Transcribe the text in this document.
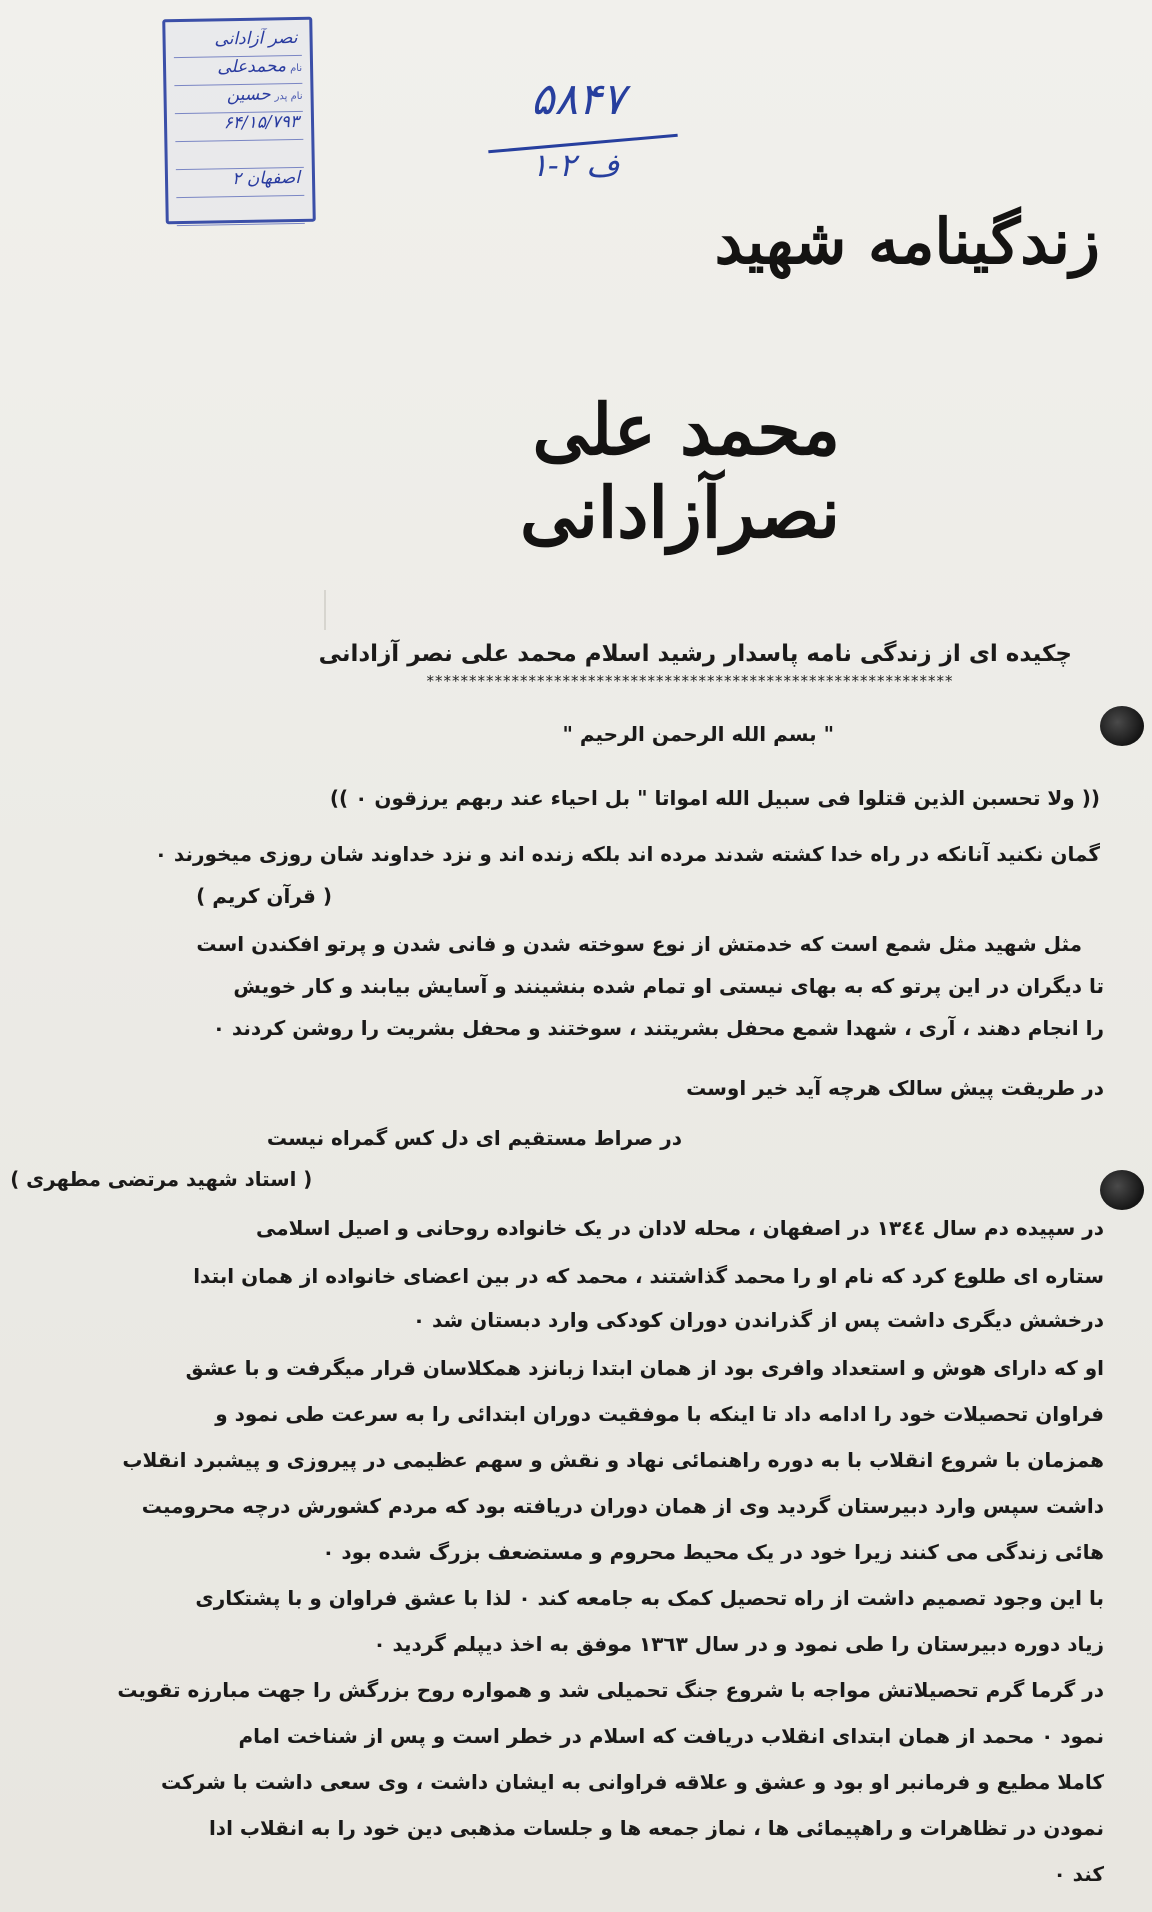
نصر آزادانی
نام
محمدعلی
نام پدر
حسین
۶۴/۱۵/۷۹۳
اصفهان ۲
۵۸۴۷
ف ۲-۱
زندگینامه شهید
محمد علی نصرآزادانی
چکیده ای از زندگی نامه پاسدار رشید اسلام محمد علی نصر آزادانی
**************************************************************
" بسم الله الرحمن الرحیم "
(( ولا تحسبن الذین قتلوا فی سبیل الله امواتا " بل احیاء عند ربهم یرزقون ٠ ))
گمان نکنید آنانکه در راه خدا کشته شدند مرده اند بلکه زنده اند و نزد خداوند شان روزی میخورند ٠
( قرآن کریم )
مثل شهید مثل شمع است که خدمتش از نوع سوخته شدن و فانی شدن و پرتو افکندن است
تا دیگران در این پرتو که به بهای نیستی او تمام شده بنشینند و آسایش بیابند و کار خویش
را انجام دهند ، آری ، شهدا شمع محفل بشریتند ، سوختند و محفل بشریت را روشن کردند ٠
در طریقت پیش سالک هرچه آید خیر اوست
در صراط مستقیم ای دل کس گمراه نیست
( استاد شهید مرتضی مطهری )
در سپیده دم سال ١٣٤٤ در اصفهان ، محله لادان در یک خانواده روحانی و اصیل اسلامی
ستاره ای طلوع کرد که نام او را محمد گذاشتند ، محمد که در بین اعضای خانواده از همان ابتدا
درخشش دیگری داشت پس از گذراندن دوران کودکی وارد دبستان شد ٠
او که دارای هوش و استعداد وافری بود از همان ابتدا زبانزد همکلاسان قرار میگرفت و با عشق
فراوان تحصیلات خود را ادامه داد تا اینکه با موفقیت دوران ابتدائی را به سرعت طی نمود و
همزمان با شروع انقلاب با به دوره راهنمائی نهاد و نقش و سهم عظیمی در پیروزی و پیشبرد انقلاب
داشت سپس وارد دبیرستان گردید وی از همان دوران دریافته بود که مردم کشورش درچه محرومیت
هائی زندگی می کنند زیرا خود در یک محیط محروم و مستضعف بزرگ شده بود ٠
با این وجود تصمیم داشت از راه تحصیل کمک به جامعه کند ٠ لذا با عشق فراوان و با پشتکاری
زیاد دوره دبیرستان را طی نمود و در سال ١٣٦٣ موفق به اخذ دیپلم گردید ٠
در گرما گرم تحصیلاتش مواجه با شروع جنگ تحمیلی شد و همواره روح بزرگش را جهت مبارزه تقویت
نمود ٠ محمد از همان ابتدای انقلاب دریافت که اسلام در خطر است و پس از شناخت امام
کاملا مطیع و فرمانبر او بود و عشق و علاقه فراوانی به ایشان داشت ، وی سعی داشت با شرکت
نمودن در تظاهرات و راهپیمائی ها ، نماز جمعه ها و جلسات مذهبی دین خود را به انقلاب ادا
کند ٠
